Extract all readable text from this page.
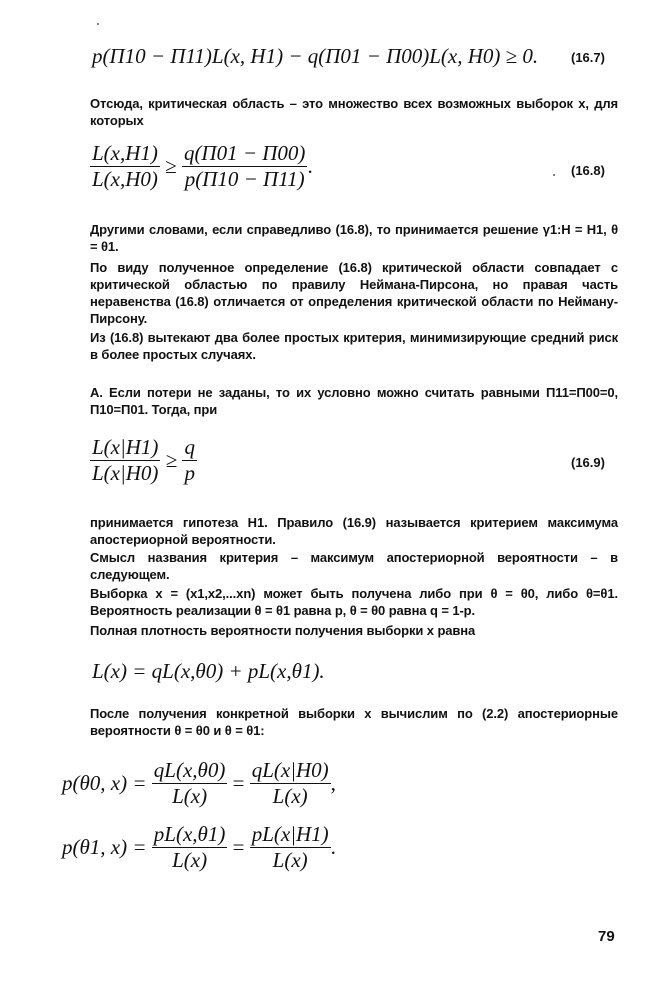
p(Π10 − Π11)L(x, H1) − q(Π01 − Π00)L(x, H0) ≥ 0.	(16.7)
Отсюда, критическая область – это множество всех возможных выборок x, для которых
$\frac{L(x,H1)}{L(x,H0)} \ge \frac{q(\Pi 01 - \Pi 00)}{p(\Pi 10 - \Pi 11)}$ .	(16.8)
Другими словами, если справедливо (16.8), то принимается решение γ1:H = H1, θ = θ1.
По виду полученное определение (16.8) критической области совпадает с критической областью по правилу Неймана-Пирсона, но правая часть неравенства (16.8) отличается от определения критической области по Нейману-Пирсону.
Из (16.8) вытекают два более простых критерия, минимизирующие средний риск в более простых случаях.
A. Если потери не заданы, то их условно можно считать равными Π11=Π00=0, Π10=Π01. Тогда, при
$\frac{L(x|H1)}{L(x|H0)} \ge \frac{q}{p}$	(16.9)
принимается гипотеза H1. Правило (16.9) называется критерием максимума апостериорной вероятности.
Смысл названия критерия – максимум апостериорной вероятности – в следующем.
Выборка x = (x1,x2,...xn) может быть получена либо при θ = θ0, либо θ=θ1. Вероятность реализации θ = θ1 равна p, θ = θ0 равна q = 1-p.
Полная плотность вероятности получения выборки x равна
L(x) = qL(x,θ0) + pL(x,θ1).
После получения конкретной выборки x вычислим по (2.2) апостериорные вероятности θ = θ0 и θ = θ1:
p(θ0, $x) = \frac{qL(x,\theta 0)}{L(x)} = \frac{qL(x|H0)}{L(x)}$ ,
p(θ1, $x) = \frac{pL(x,\theta 1)}{L(x)} = \frac{pL(x|H1)}{L(x)}$ .
79
